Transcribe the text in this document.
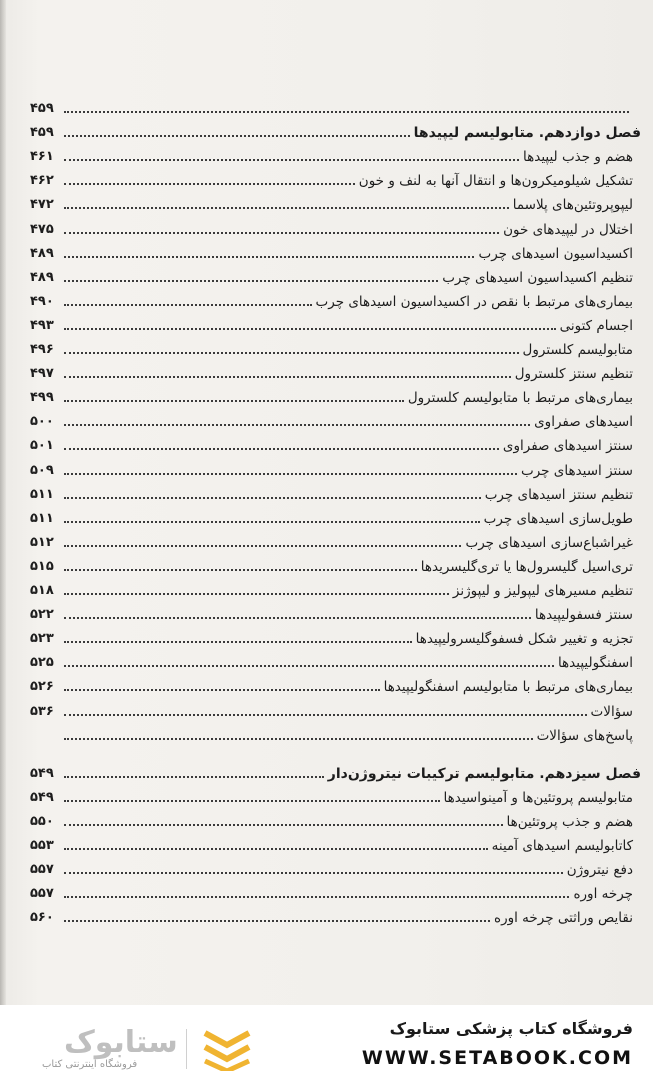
۴۵۹
فصل دوازدهم. متابولیسم لیپیدها
۴۵۹
هضم و جذب لیپیدها
۴۶۱
تشکیل شیلومیکرون‌ها و انتقال آنها به لنف و خون
۴۶۲
لیپوپروتئین‌های پلاسما
۴۷۲
اختلال در لیپیدهای خون
۴۷۵
اکسیداسیون اسیدهای چرب
۴۸۹
تنظیم اکسیداسیون اسیدهای چرب
۴۸۹
بیماری‌های مرتبط با نقص در اکسیداسیون اسیدهای چرب
۴۹۰
اجسام کتونی
۴۹۳
متابولیسم کلسترول
۴۹۶
تنظیم سنتز کلسترول
۴۹۷
بیماری‌های مرتبط با متابولیسم کلسترول
۴۹۹
اسیدهای صفراوی
۵۰۰
سنتز اسیدهای صفراوی
۵۰۱
سنتز اسیدهای چرب
۵۰۹
تنظیم سنتز اسیدهای چرب
۵۱۱
طویل‌سازی اسیدهای چرب
۵۱۱
غیراشباع‌سازی اسیدهای چرب
۵۱۲
تری‌اسیل گلیسرول‌ها یا تری‌گلیسریدها
۵۱۵
تنظیم مسیرهای لیپولیز و لیپوژنز
۵۱۸
سنتز فسفولیپیدها
۵۲۲
تجزیه و تغییر شکل فسفوگلیسرولیپیدها
۵۲۳
اسفنگولیپیدها
۵۲۵
بیماری‌های مرتبط با متابولیسم اسفنگولیپیدها
۵۲۶
سؤالات
۵۳۶
پاسخ‌های سؤالات
فصل سیزدهم. متابولیسم ترکیبات نیتروژن‌دار
۵۴۹
متابولیسم پروتئین‌ها و آمینواسیدها
۵۴۹
هضم و جذب پروتئین‌ها
۵۵۰
کاتابولیسم اسیدهای آمینه
۵۵۳
دفع نیتروژن
۵۵۷
چرخه اوره
۵۵۷
نقایص وراثتی چرخه اوره
۵۶۰
ستابوک
فروشگاه اینترنتی کتاب
فروشگاه کتاب پزشکی ستابوک
WWW.SETABOOK.COM
